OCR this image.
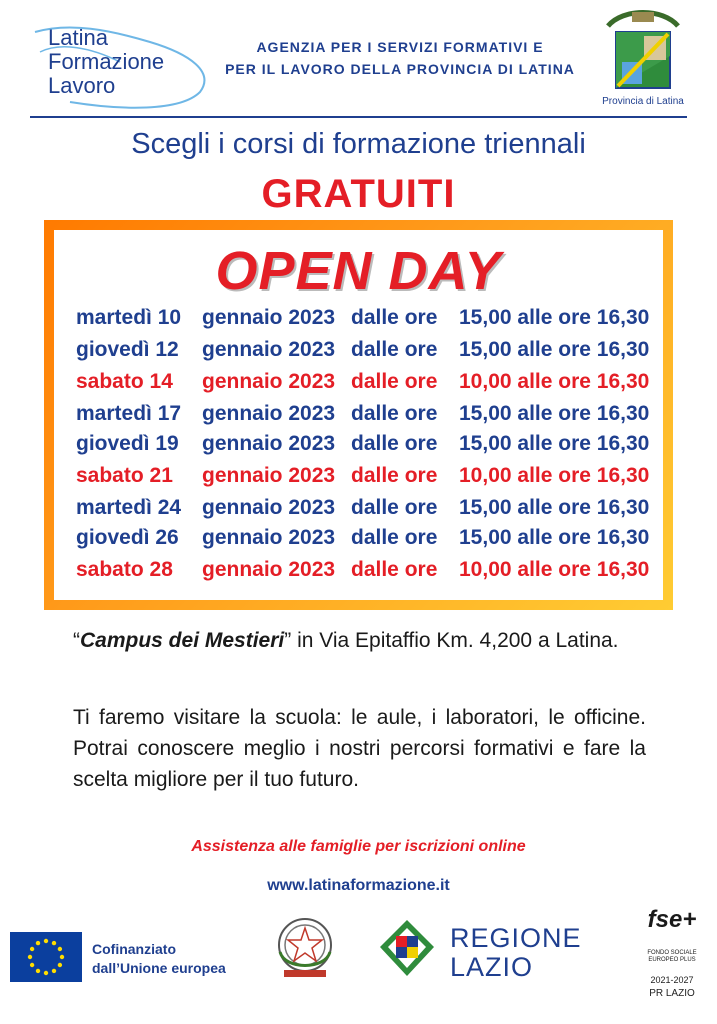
Latina
Formazione
Lavoro
AGENZIA PER I SERVIZI FORMATIVI E
PER IL LAVORO DELLA PROVINCIA DI LATINA
Provincia di Latina
Scegli i corsi di formazione triennali
GRATUITI
OPEN DAY
martedì 10 gennaio 2023 dalle ore 15,00 alle ore 16,30
giovedì 12 gennaio 2023 dalle ore 15,00 alle ore 16,30
sabato 14 gennaio 2023 dalle ore 10,00 alle ore 16,30
martedì 17 gennaio 2023 dalle ore 15,00 alle ore 16,30
giovedì 19 gennaio 2023 dalle ore 15,00 alle ore 16,30
sabato 21 gennaio 2023 dalle ore 10,00 alle ore 16,30
martedì 24 gennaio 2023 dalle ore 15,00 alle ore 16,30
giovedì 26 gennaio 2023 dalle ore 15,00 alle ore 16,30
sabato 28 gennaio 2023 dalle ore 10,00 alle ore 16,30
“Campus dei Mestieri” in Via Epitaffio Km. 4,200 a Latina.
Ti faremo visitare la scuola: le aule, i laboratori, le officine. Potrai conoscere meglio i nostri percorsi formativi e fare la scelta migliore per il tuo futuro.
Assistenza alle famiglie per iscrizioni online
www.latinaformazione.it
Cofinanziato
dall’Unione europea
REGIONE
LAZIO
fse+
FONDO SOCIALE EUROPEO PLUS
2021-2027
PR LAZIO
